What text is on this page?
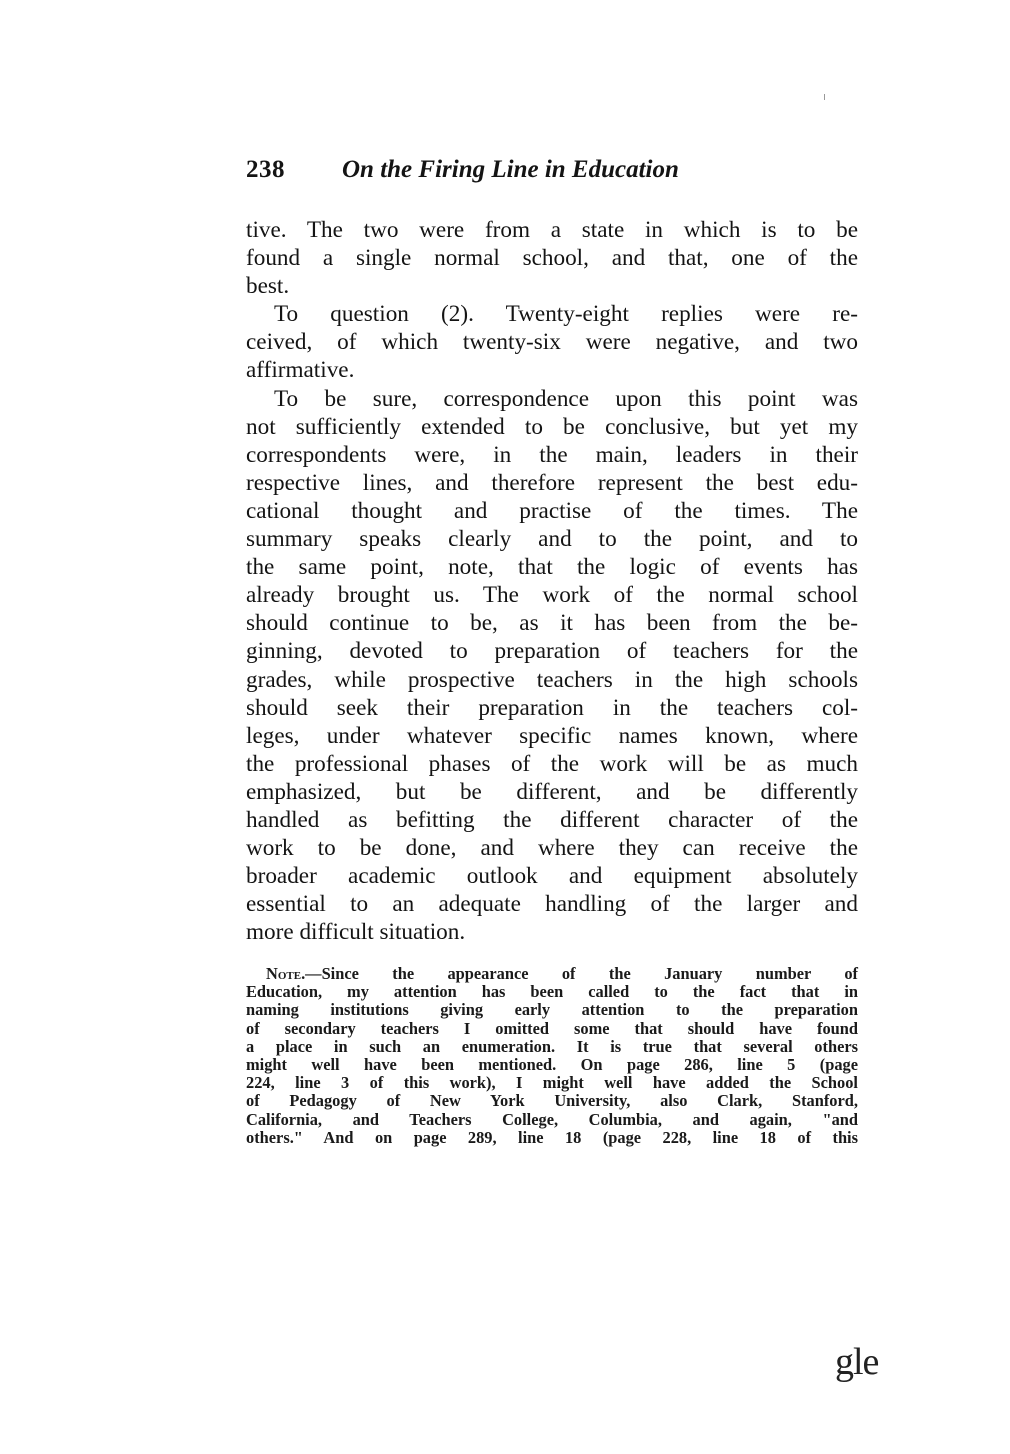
238 On the Firing Line in Education
tive. The two were from a state in which is to be
found a single normal school, and that, one of the
best.
To question (2). Twenty-eight replies were re-
ceived, of which twenty-six were negative, and two
affirmative.
To be sure, correspondence upon this point was
not sufficiently extended to be conclusive, but yet my
correspondents were, in the main, leaders in their
respective lines, and therefore represent the best edu-
cational thought and practise of the times. The
summary speaks clearly and to the point, and to
the same point, note, that the logic of events has
already brought us. The work of the normal school
should continue to be, as it has been from the be-
ginning, devoted to preparation of teachers for the
grades, while prospective teachers in the high schools
should seek their preparation in the teachers col-
leges, under whatever specific names known, where
the professional phases of the work will be as much
emphasized, but be different, and be differently
handled as befitting the different character of the
work to be done, and where they can receive the
broader academic outlook and equipment absolutely
essential to an adequate handling of the larger and
more difficult situation.
Note.—Since the appearance of the January number of
Education, my attention has been called to the fact that in
naming institutions giving early attention to the preparation
of secondary teachers I omitted some that should have found
a place in such an enumeration. It is true that several others
might well have been mentioned. On page 286, line 5 (page
224, line 3 of this work), I might well have added the School
of Pedagogy of New York University, also Clark, Stanford,
California, and Teachers College, Columbia, and again, "and
others." And on page 289, line 18 (page 228, line 18 of this
gle
